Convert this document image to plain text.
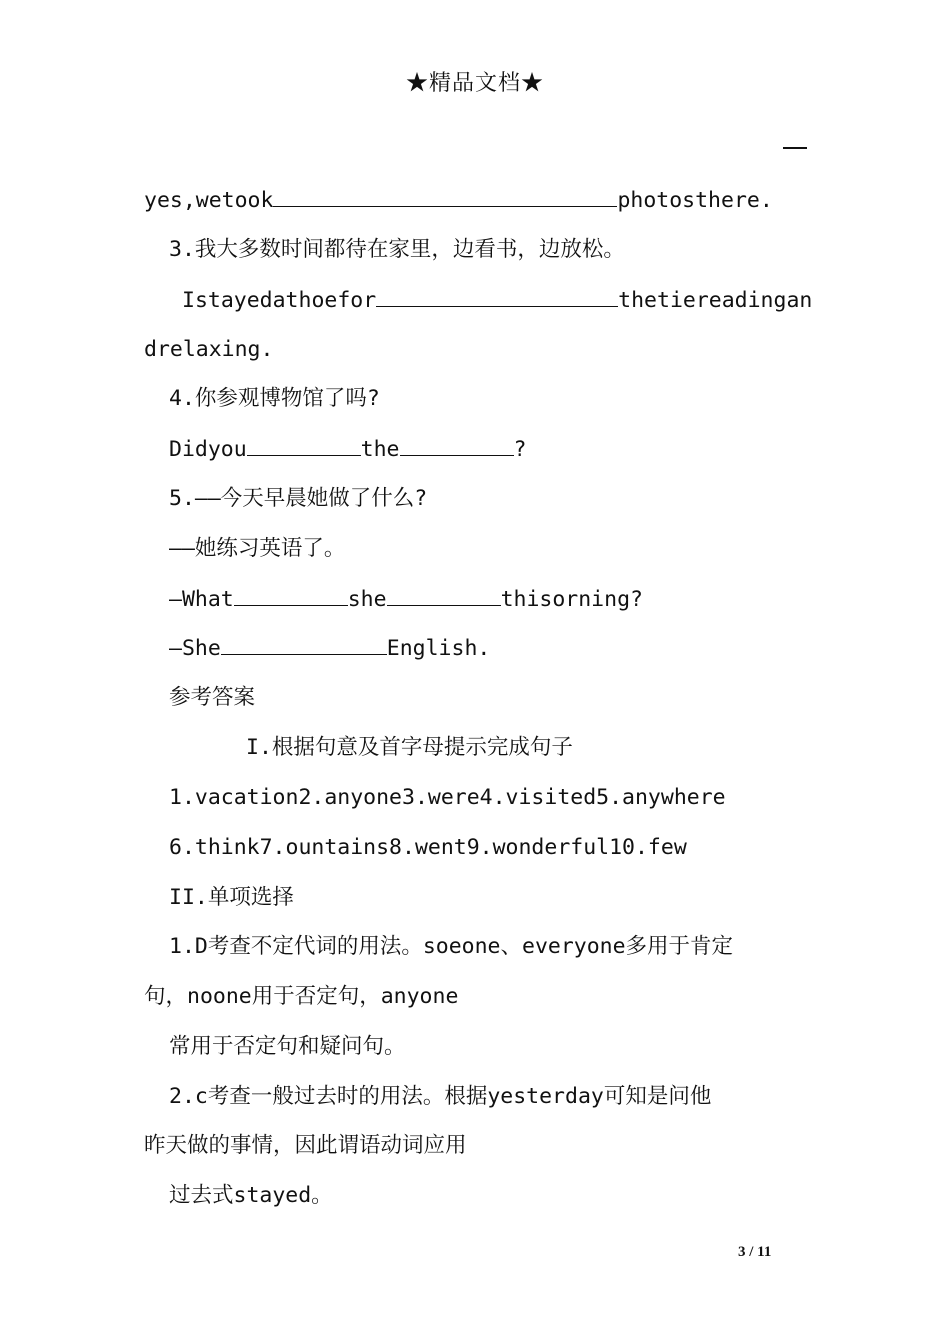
★精品文档★
yes,wetook	photosthere.
3.我大多数时间都待在家里，边看书，边放松。
Istayedathoefor	thetiereadingan
drelaxing.
4.你参观博物馆了吗?
Didyou	the	?
5.——今天早晨她做了什么?
——她练习英语了。
—What	she	thisorning?
—She	English.
参考答案
I.根据句意及首字母提示完成句子
1.vacation2.anyone3.were4.visited5.anywhere
6.think7.ountains8.went9.wonderful10.few
II.单项选择
1.D考查不定代词的用法。soeone、everyone多用于肯定
句，noone用于否定句，anyone
常用于否定句和疑问句。
2.c考查一般过去时的用法。根据yesterday可知是问他
昨天做的事情，因此谓语动词应用
过去式stayed。
3 / 11
